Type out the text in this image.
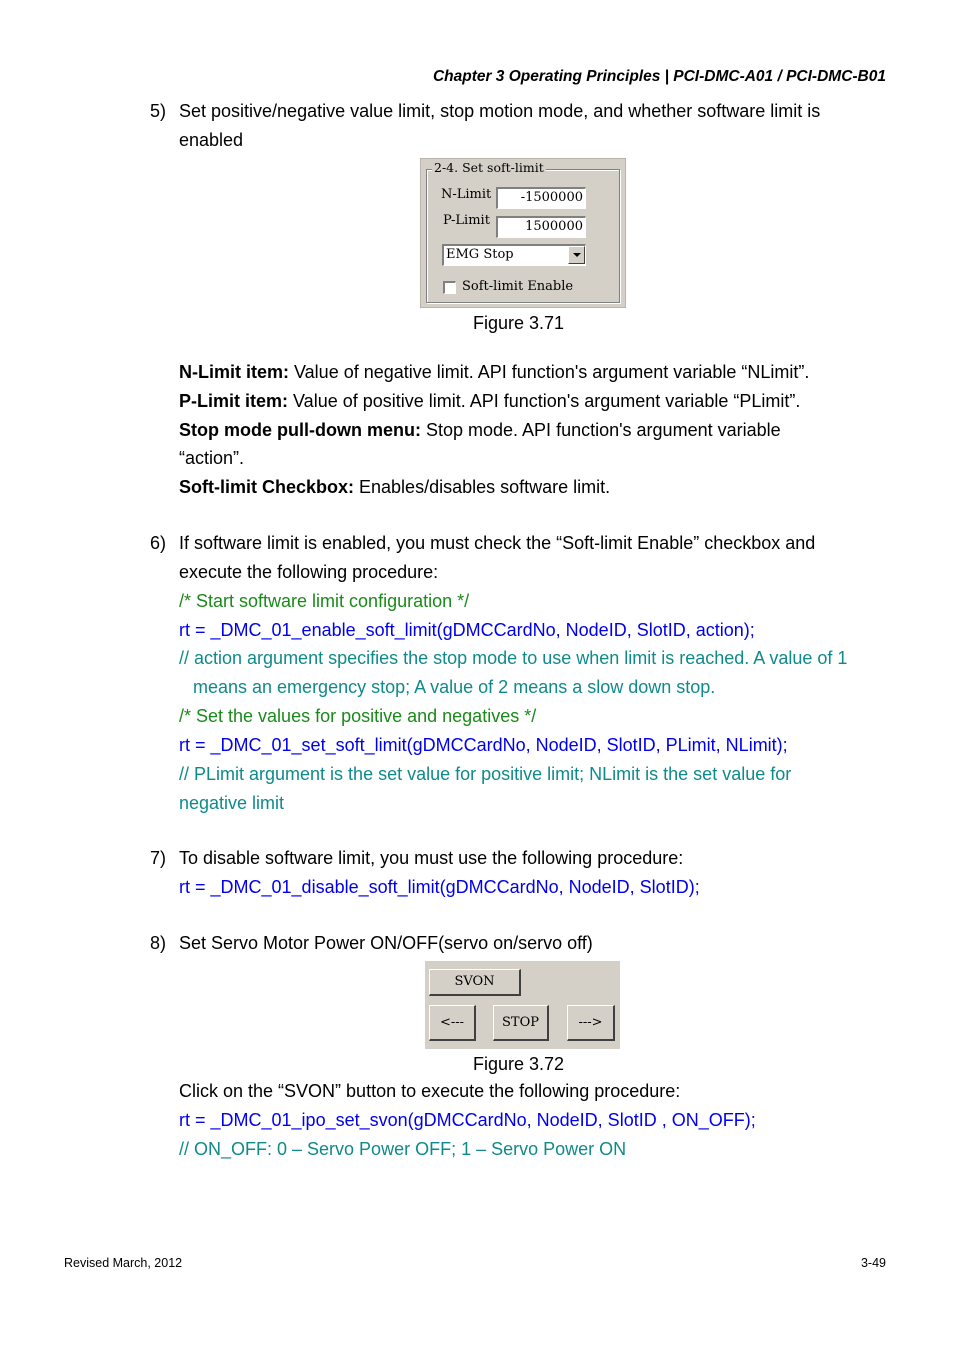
Chapter 3 Operating Principles | PCI-DMC-A01 / PCI-DMC-B01
5) Set positive/negative value limit, stop motion mode, and whether software limit is
enabled
2-4. Set soft-limit
N-Limit	-1500000
P-Limit	1500000
EMG Stop
Soft-limit Enable
Figure 3.71
N-Limit item: Value of negative limit. API function's argument variable “NLimit”.
P-Limit item: Value of positive limit. API function's argument variable “PLimit”.
Stop mode pull-down menu: Stop mode. API function's argument variable
“action”.
Soft-limit Checkbox: Enables/disables software limit.
6) If software limit is enabled, you must check the “Soft-limit Enable” checkbox and
execute the following procedure:
/* Start software limit configuration */
rt = _DMC_01_enable_soft_limit(gDMCCardNo, NodeID, SlotID, action);
// action argument specifies the stop mode to use when limit is reached. A value of 1
means an emergency stop; A value of 2 means a slow down stop.
/* Set the values for positive and negatives */
rt = _DMC_01_set_soft_limit(gDMCCardNo, NodeID, SlotID, PLimit, NLimit);
// PLimit argument is the set value for positive limit; NLimit is the set value for
negative limit
7) To disable software limit, you must use the following procedure:
rt = _DMC_01_disable_soft_limit(gDMCCardNo, NodeID, SlotID);
8) Set Servo Motor Power ON/OFF(servo on/servo off)
SVON
<---	STOP	--->
Figure 3.72
Click on the “SVON” button to execute the following procedure:
rt = _DMC_01_ipo_set_svon(gDMCCardNo, NodeID, SlotID , ON_OFF);
// ON_OFF: 0 – Servo Power OFF; 1 – Servo Power ON
Revised March, 2012	3-49
